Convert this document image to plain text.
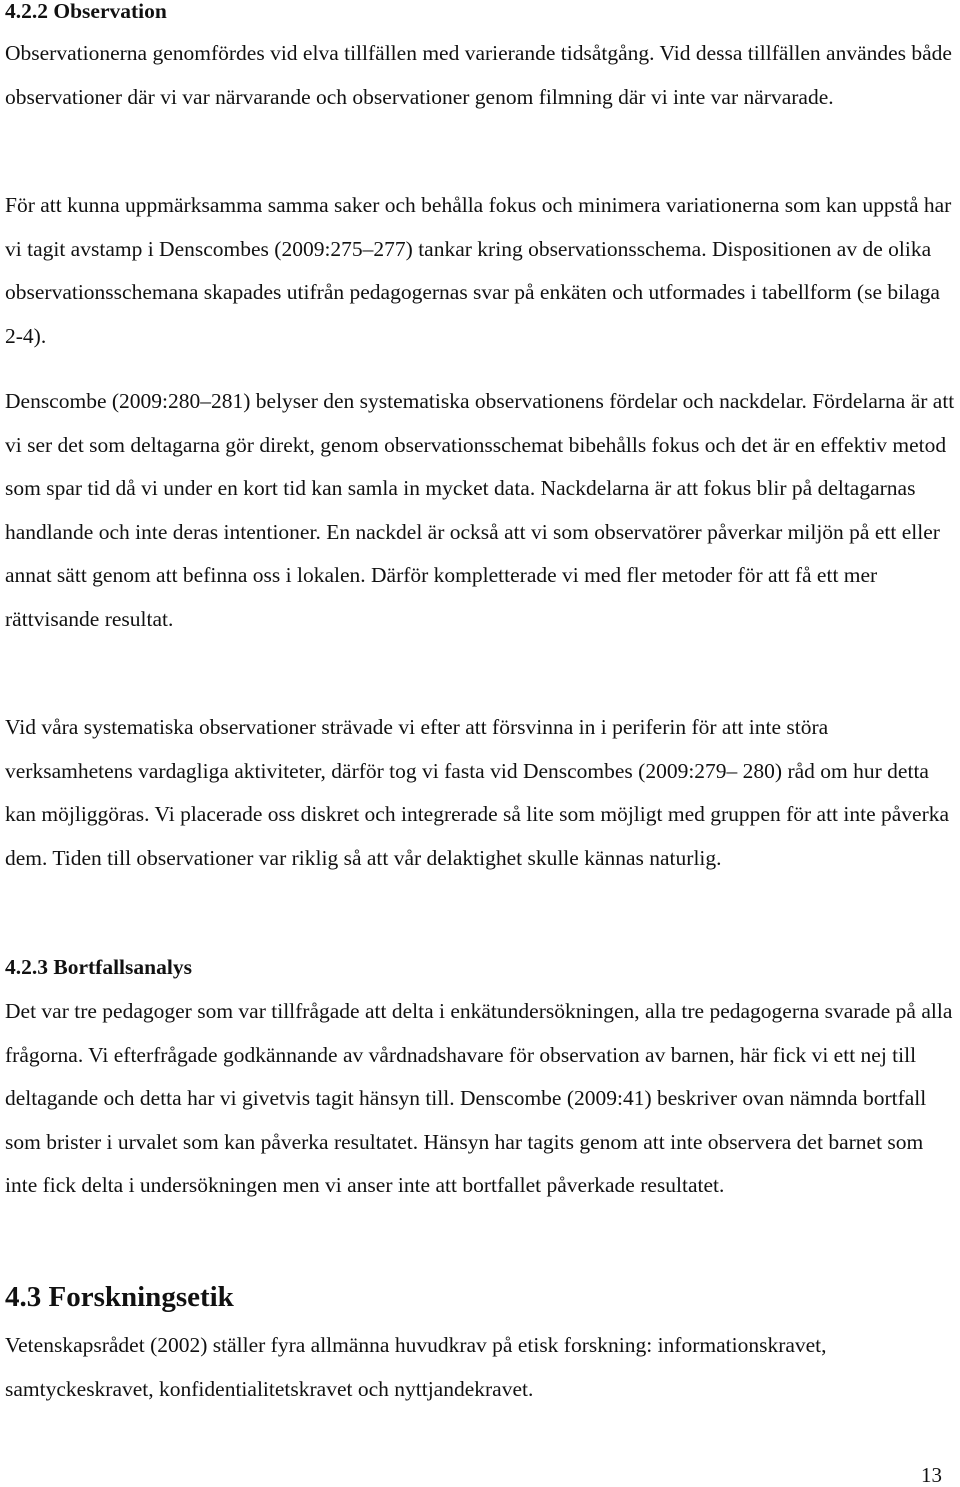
4.2.2 Observation

Observationerna genomfördes vid elva tillfällen med varierande tidsåtgång. Vid dessa tillfällen användes både observationer där vi var närvarande och observationer genom filmning där vi inte var närvarade.

För att kunna uppmärksamma samma saker och behålla fokus och minimera variationerna som kan uppstå har vi tagit avstamp i Denscombes (2009:275‒277) tankar kring observationsschema. Dispositionen av de olika observationsschemana skapades utifrån pedagogernas svar på enkäten och utformades i tabellform (se bilaga 2-4).

Denscombe (2009:280‒281) belyser den systematiska observationens fördelar och nackdelar. Fördelarna är att vi ser det som deltagarna gör direkt, genom observationsschemat bibehålls fokus och det är en effektiv metod som spar tid då vi under en kort tid kan samla in mycket data. Nackdelarna är att fokus blir på deltagarnas handlande och inte deras intentioner. En nackdel är också att vi som observatörer påverkar miljön på ett eller annat sätt genom att befinna oss i lokalen. Därför kompletterade vi med fler metoder för att få ett mer rättvisande resultat.

Vid våra systematiska observationer strävade vi efter att försvinna in i periferin för att inte störa verksamhetens vardagliga aktiviteter, därför tog vi fasta vid Denscombes (2009:279‒ 280) råd om hur detta kan möjliggöras. Vi placerade oss diskret och integrerade så lite som möjligt med gruppen för att inte påverka dem. Tiden till observationer var riklig så att vår delaktighet skulle kännas naturlig.

4.2.3 Bortfallsanalys

Det var tre pedagoger som var tillfrågade att delta i enkätundersökningen, alla tre pedagogerna svarade på alla frågorna. Vi efterfrågade godkännande av vårdnadshavare för observation av barnen, här fick vi ett nej till deltagande och detta har vi givetvis tagit hänsyn till. Denscombe (2009:41) beskriver ovan nämnda bortfall som brister i urvalet som kan påverka resultatet. Hänsyn har tagits genom att inte observera det barnet som inte fick delta i undersökningen men vi anser inte att bortfallet påverkade resultatet.

4.3 Forskningsetik

Vetenskapsrådet (2002) ställer fyra allmänna huvudkrav på etisk forskning: informationskravet, samtyckeskravet, konfidentialitetskravet och nyttjandekravet.

13
